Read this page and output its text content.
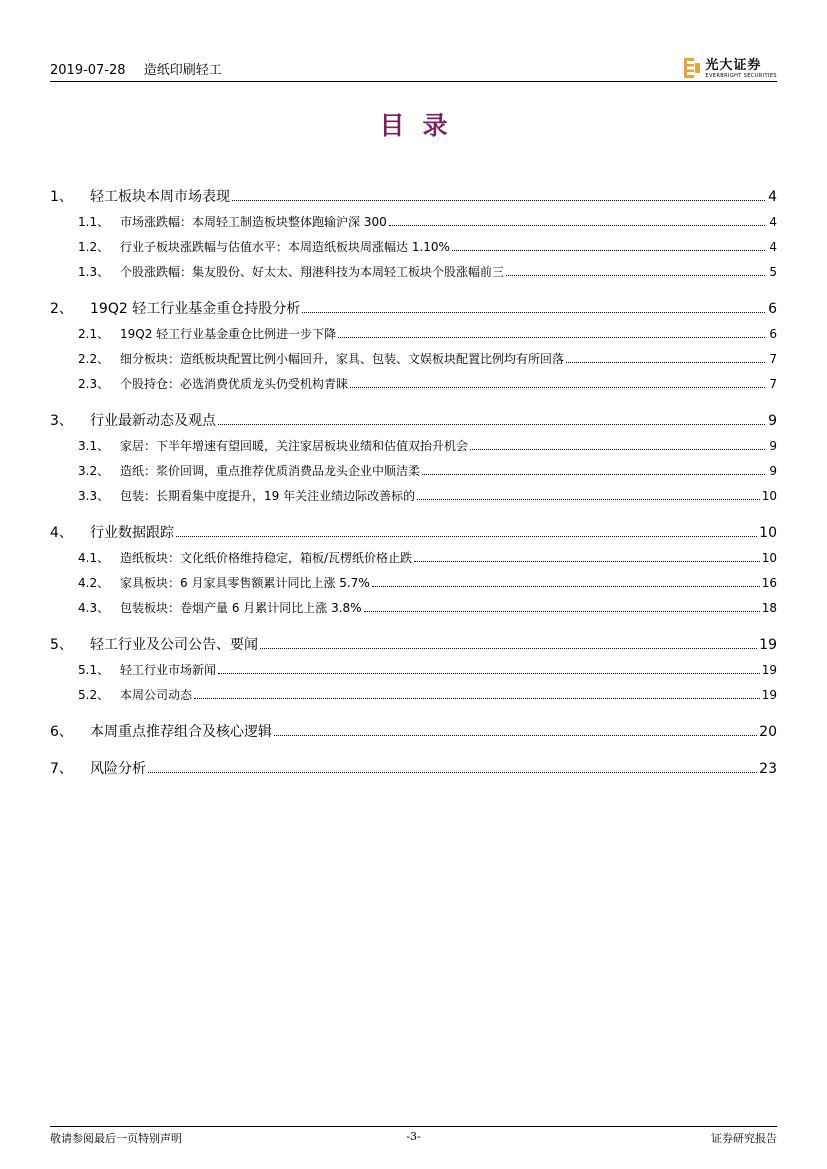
2019-07-28 造纸印刷轻工	光大证券
EVERBRIGHT SECURITIES
目录
1、	轻工板块本周市场表现	4
1.1、 市场涨跌幅：本周轻工制造板块整体跑输沪深 300	4
1.2、 行业子板块涨跌幅与估值水平：本周造纸板块周涨幅达 1.10%	4
1.3、 个股涨跌幅：集友股份、好太太、翔港科技为本周轻工板块个股涨幅前三	5
2、	19Q2 轻工行业基金重仓持股分析	6
2.1、 19Q2 轻工行业基金重仓比例进一步下降	6
2.2、 细分板块：造纸板块配置比例小幅回升，家具、包装、文娱板块配置比例均有所回落	7
2.3、 个股持仓：必选消费优质龙头仍受机构青睐	7
3、	行业最新动态及观点	9
3.1、 家居：下半年增速有望回暖，关注家居板块业绩和估值双抬升机会	9
3.2、 造纸：浆价回调，重点推荐优质消费品龙头企业中顺洁柔	9
3.3、 包装：长期看集中度提升，19 年关注业绩边际改善标的	10
4、	行业数据跟踪	10
4.1、 造纸板块：文化纸价格维持稳定，箱板/瓦楞纸价格止跌	10
4.2、 家具板块：6 月家具零售额累计同比上涨 5.7%	16
4.3、 包装板块：卷烟产量 6 月累计同比上涨 3.8%	18
5、	轻工行业及公司公告、要闻	19
5.1、 轻工行业市场新闻	19
5.2、 本周公司动态	19
6、	本周重点推荐组合及核心逻辑	20
7、	风险分析	23
敬请参阅最后一页特别声明	-3-	证券研究报告
